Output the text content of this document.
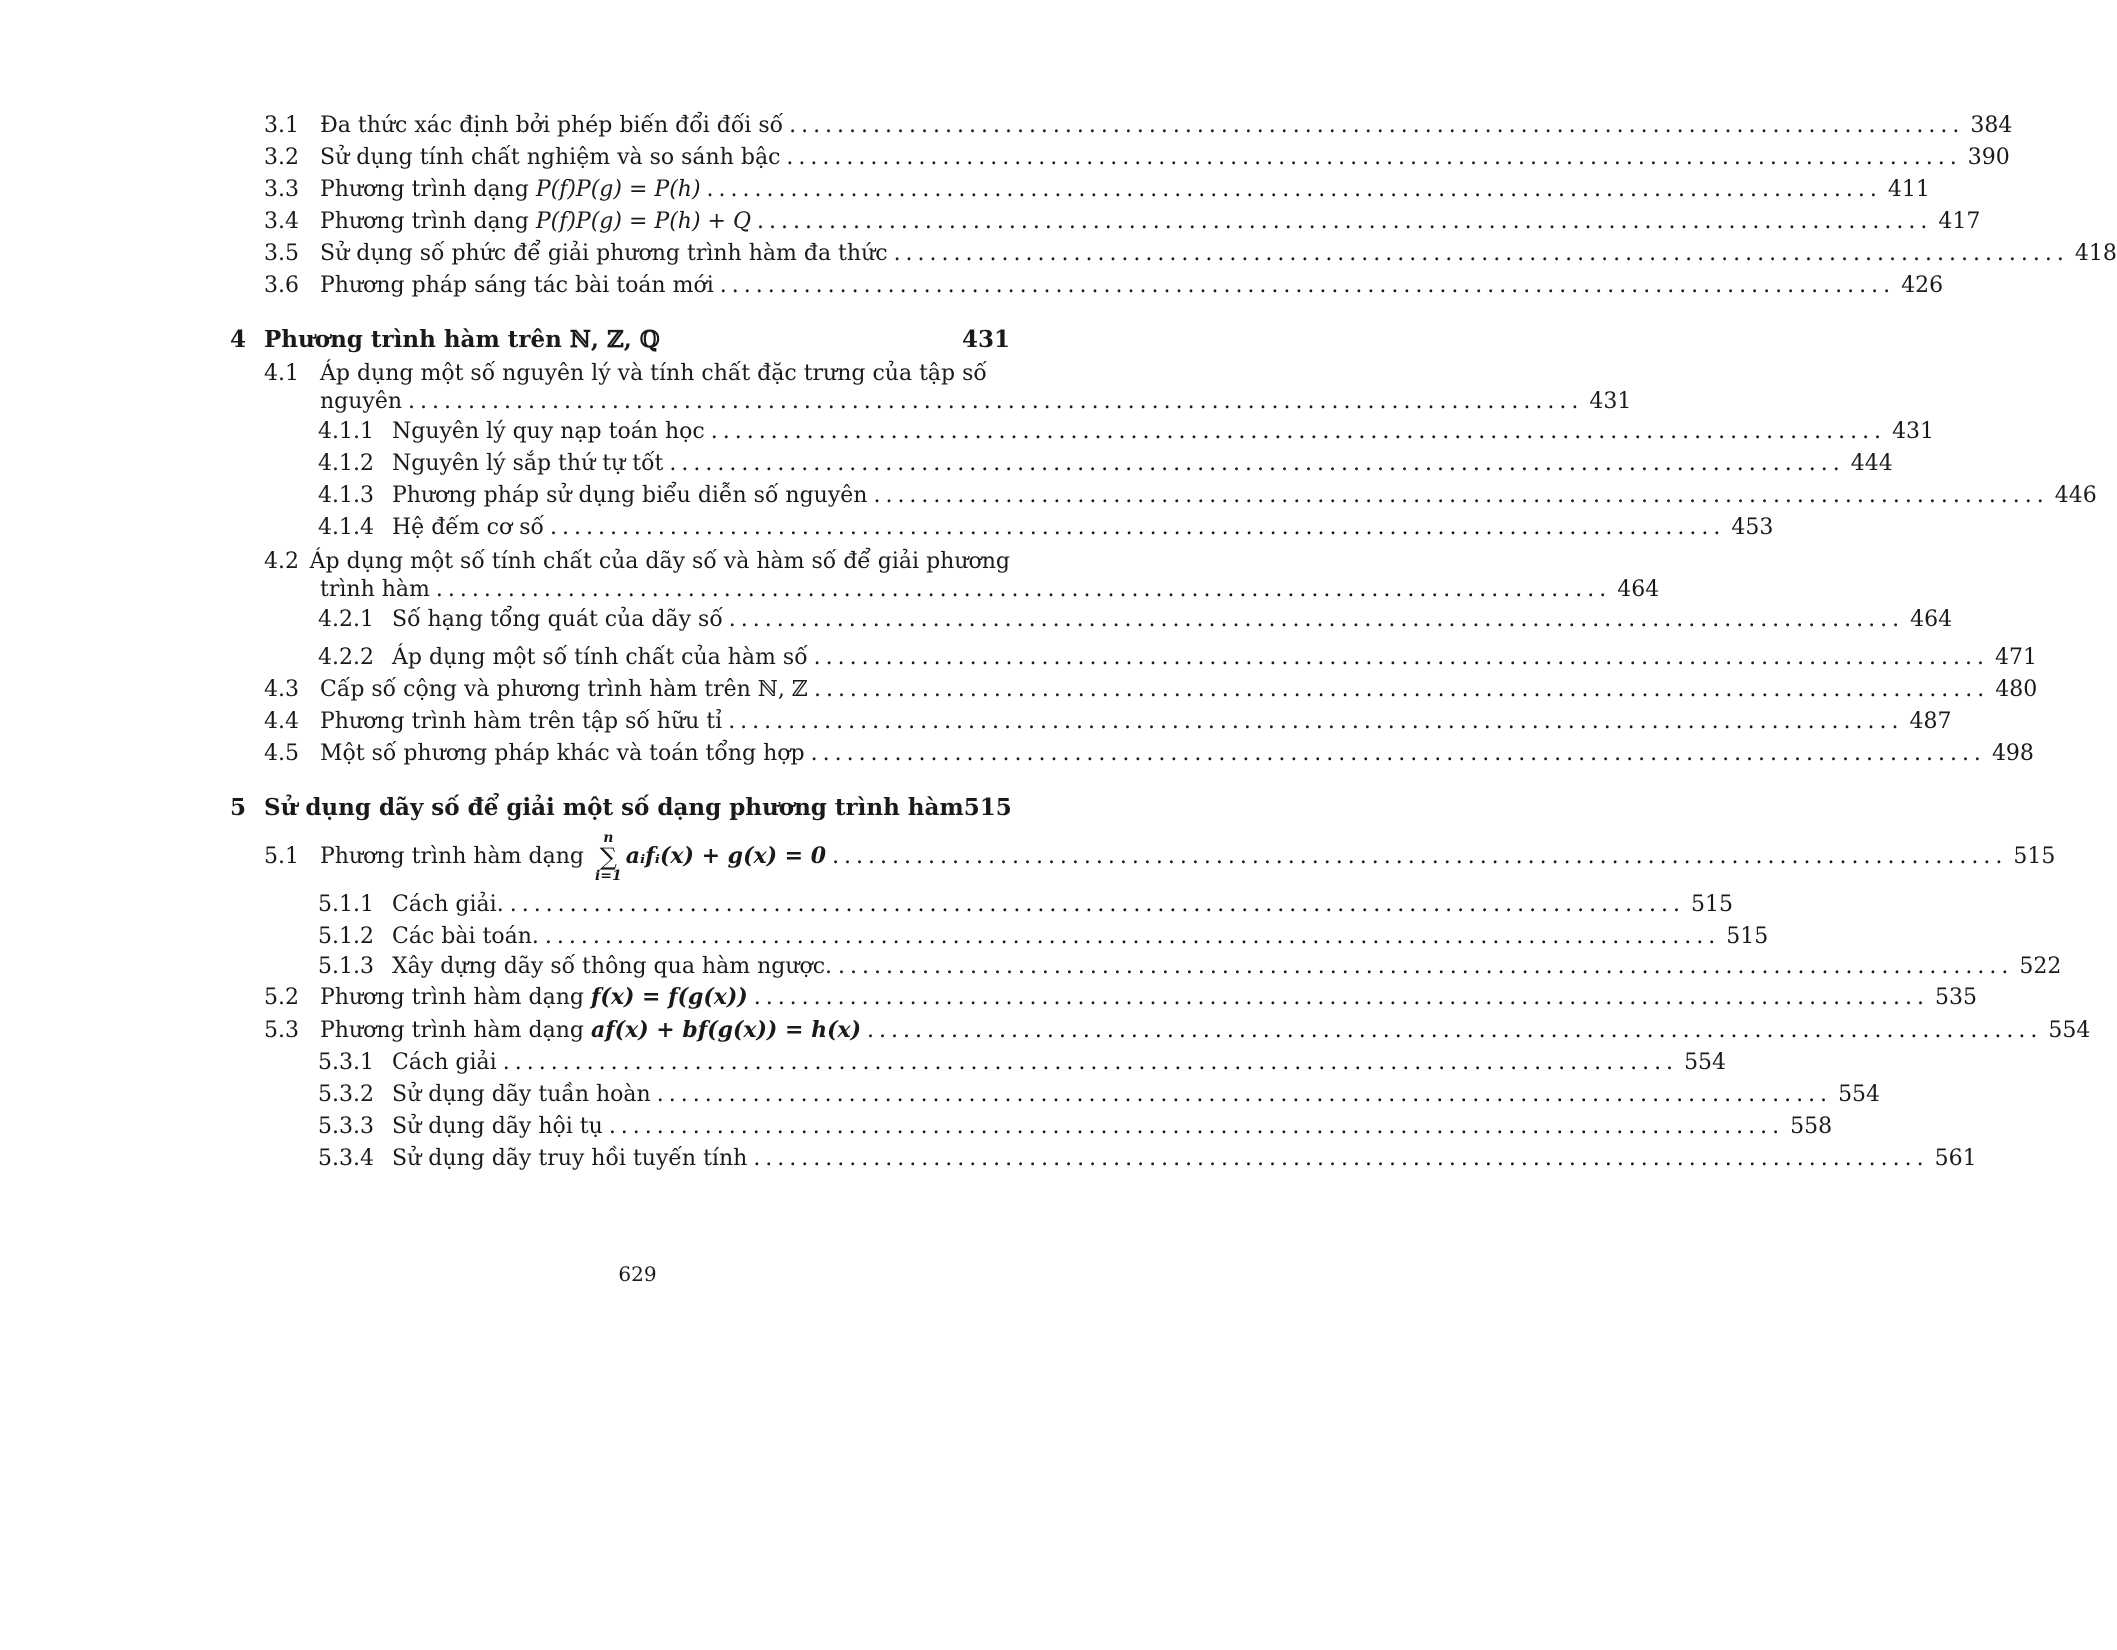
3.1 Đa thức xác định bởi phép biến đổi đối số .................................................................................................. 384
3.2 Sử dụng tính chất nghiệm và so sánh bậc .................................................................................................. 390
3.3 Phương trình dạng P(f)P(g) = P(h) .................................................................................................. 411
3.4 Phương trình dạng P(f)P(g) = P(h) + Q .................................................................................................. 417
3.5 Sử dụng số phức để giải phương trình hàm đa thức .................................................................................................. 418
3.6 Phương pháp sáng tác bài toán mới .................................................................................................. 426
4 Phương trình hàm trên ℕ, ℤ, ℚ	431
4.1 Áp dụng một số nguyên lý và tính chất đặc trưng của tập số
nguyên .................................................................................................. 431
4.1.1 Nguyên lý quy nạp toán học .................................................................................................. 431
4.1.2 Nguyên lý sắp thứ tự tốt .................................................................................................. 444
4.1.3 Phương pháp sử dụng biểu diễn số nguyên .................................................................................................. 446
4.1.4 Hệ đếm cơ số .................................................................................................. 453
4.2 Áp dụng một số tính chất của dãy số và hàm số để giải phương
trình hàm .................................................................................................. 464
4.2.1 Số hạng tổng quát của dãy số .................................................................................................. 464
4.2.2 Áp dụng một số tính chất của hàm số .................................................................................................. 471
4.3 Cấp số cộng và phương trình hàm trên ℕ, ℤ .................................................................................................. 480
4.4 Phương trình hàm trên tập số hữu tỉ .................................................................................................. 487
4.5 Một số phương pháp khác và toán tổng hợp .................................................................................................. 498
5 Sử dụng dãy số để giải một số dạng phương trình hàm 515
5.1 Phương trình hàm dạng
n
∑
i=1
aᵢfᵢ(x) + g(x) = 0 .................................................................................................. 515
5.1.1 Cách giải. .................................................................................................. 515
5.1.2 Các bài toán. .................................................................................................. 515
5.1.3 Xây dựng dãy số thông qua hàm ngược. .................................................................................................. 522
5.2 Phương trình hàm dạng f(x) = f(g(x)) .................................................................................................. 535
5.3 Phương trình hàm dạng af(x) + bf(g(x)) = h(x) .................................................................................................. 554
5.3.1 Cách giải .................................................................................................. 554
5.3.2 Sử dụng dãy tuần hoàn .................................................................................................. 554
5.3.3 Sử dụng dãy hội tụ .................................................................................................. 558
5.3.4 Sử dụng dãy truy hồi tuyến tính .................................................................................................. 561
629
